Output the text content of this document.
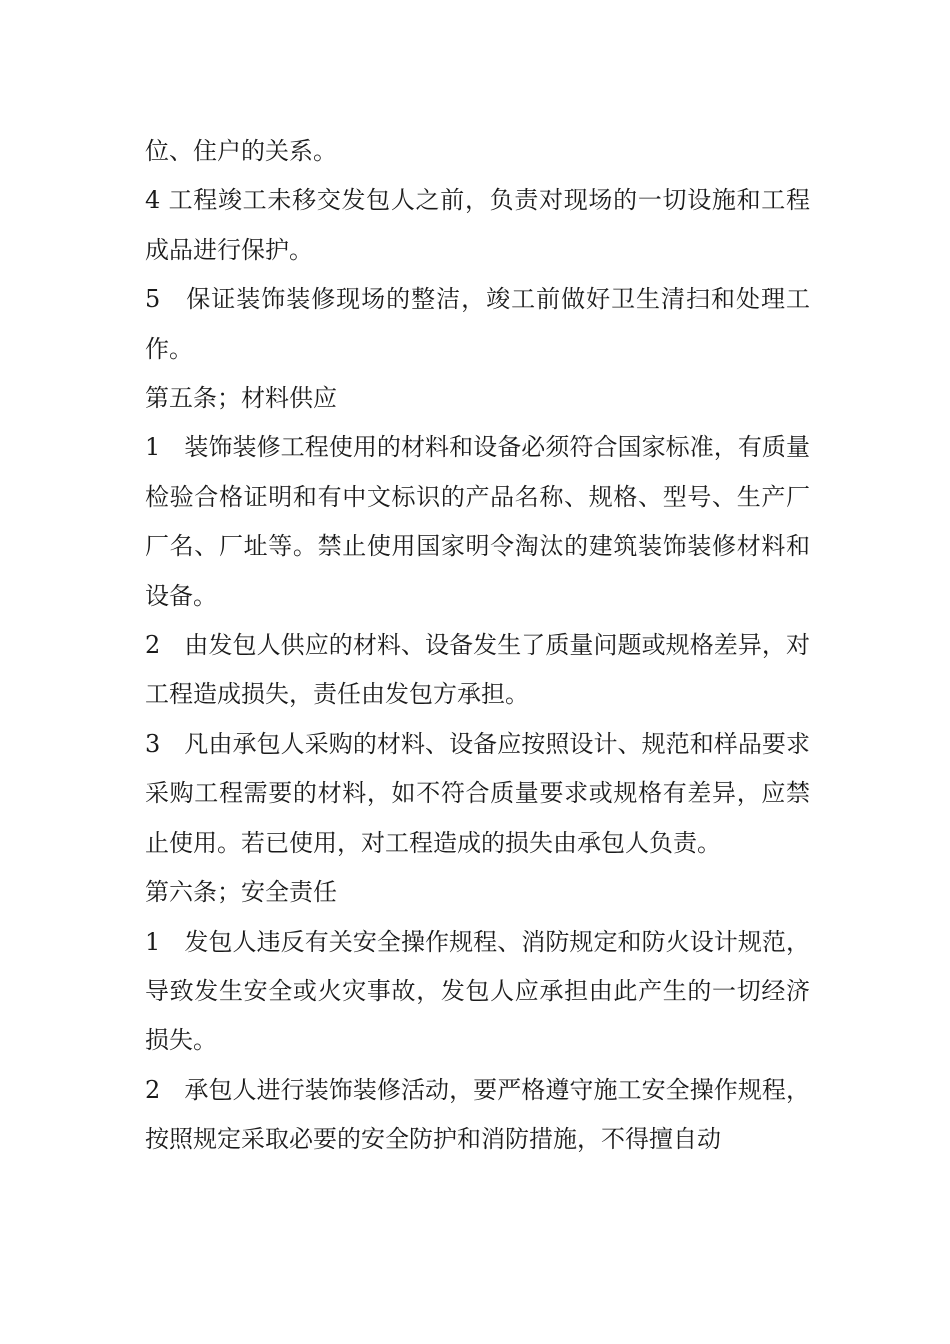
位、住户的关系。

4 工程竣工未移交发包人之前，负责对现场的一切设施和工程成品进行保护。

5　保证装饰装修现场的整洁，竣工前做好卫生清扫和处理工作。

第五条；材料供应

1　装饰装修工程使用的材料和设备必须符合国家标准，有质量检验合格证明和有中文标识的产品名称、规格、型号、生产厂厂名、厂址等。禁止使用国家明令淘汰的建筑装饰装修材料和设备。

2　由发包人供应的材料、设备发生了质量问题或规格差异，对工程造成损失，责任由发包方承担。

3　凡由承包人采购的材料、设备应按照设计、规范和样品要求采购工程需要的材料，如不符合质量要求或规格有差异，应禁止使用。若已使用，对工程造成的损失由承包人负责。

第六条；安全责任

1　发包人违反有关安全操作规程、消防规定和防火设计规范，导致发生安全或火灾事故，发包人应承担由此产生的一切经济损失。

2　承包人进行装饰装修活动，要严格遵守施工安全操作规程，按照规定采取必要的安全防护和消防措施，不得擅自动
